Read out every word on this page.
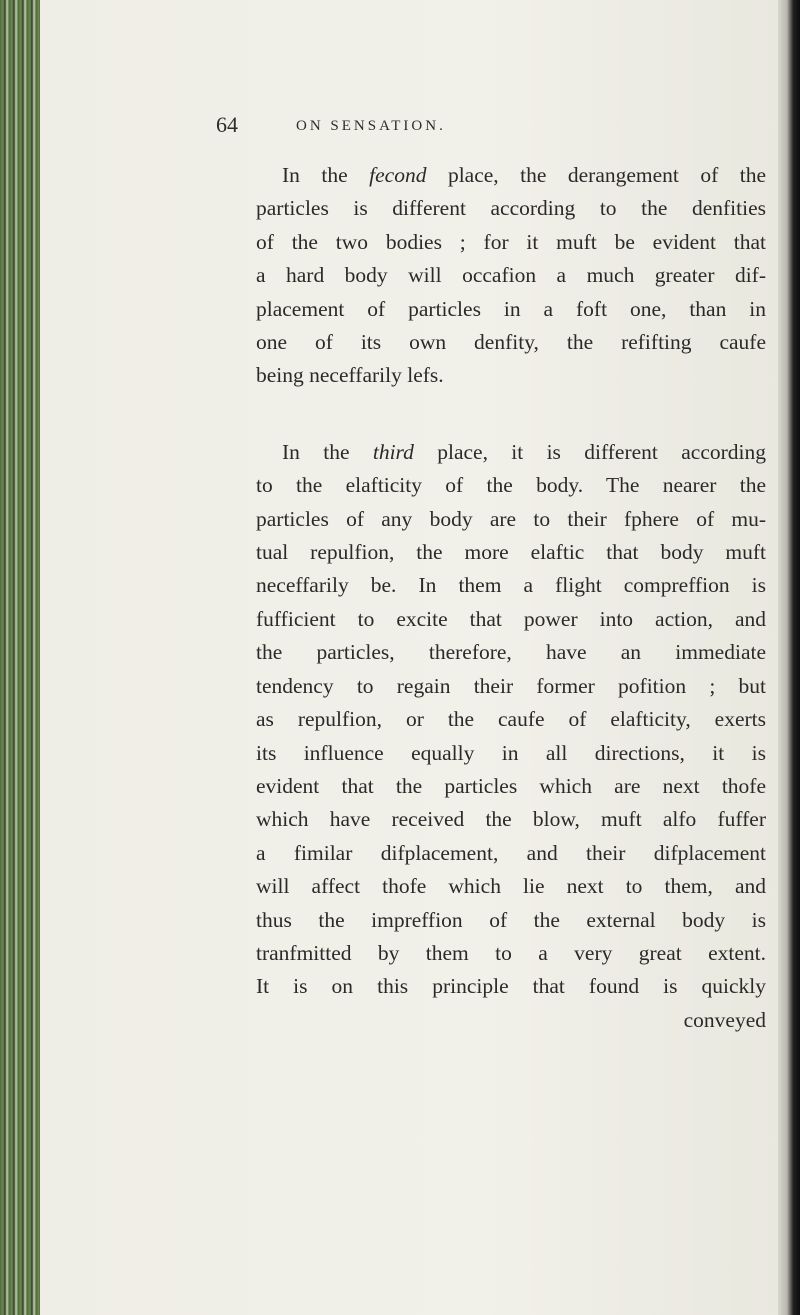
64	ON SENSATION.
In the fecond place, the derangement of the
particles is different according to the denfities
of the two bodies ; for it muft be evident that
a hard body will occafion a much greater dif-
placement of particles in a foft one, than in
one of its own denfity, the refifting caufe
being neceffarily lefs.
In the third place, it is different according
to the elafticity of the body. The nearer the
particles of any body are to their fphere of mu-
tual repulfion, the more elaftic that body muft
neceffarily be. In them a flight compreffion is
fufficient to excite that power into action, and
the particles, therefore, have an immediate
tendency to regain their former pofition ; but
as repulfion, or the caufe of elafticity, exerts
its influence equally in all directions, it is
evident that the particles which are next thofe
which have received the blow, muft alfo fuffer
a fimilar difplacement, and their difplacement
will affect thofe which lie next to them, and
thus the impreffion of the external body is
tranfmitted by them to a very great extent.
It is on this principle that found is quickly
conveyed
